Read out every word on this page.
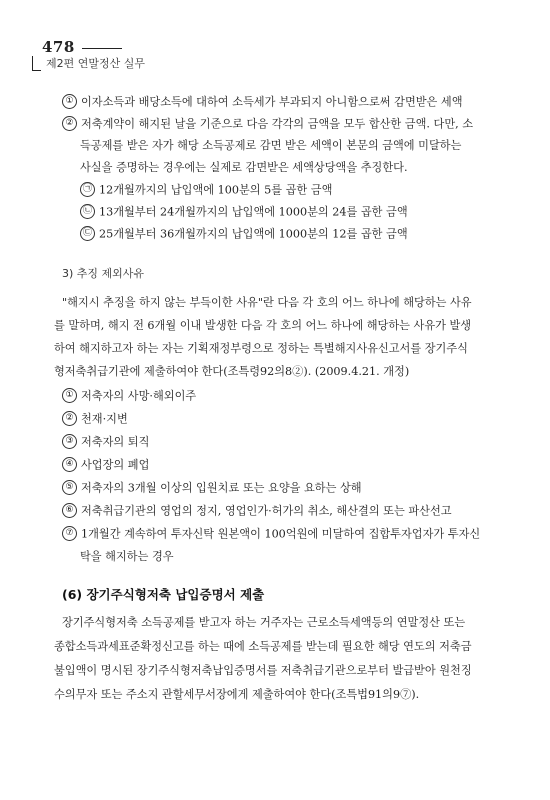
478
제2편 연말정산 실무
① 이자소득과 배당소득에 대하여 소득세가 부과되지 아니함으로써 감면받은 세액
② 저축계약이 해지된 날을 기준으로 다음 각각의 금액을 모두 합산한 금액. 다만, 소
득공제를 받은 자가 해당 소득공제로 감면 받은 세액이 본문의 금액에 미달하는
사실을 증명하는 경우에는 실제로 감면받은 세액상당액을 추징한다.
㉠ 12개월까지의 납입액에 100분의 5를 곱한 금액
㉡ 13개월부터 24개월까지의 납입액에 1000분의 24를 곱한 금액
㉢ 25개월부터 36개월까지의 납입액에 1000분의 12를 곱한 금액
3) 추징 제외사유
"해지시 추징을 하지 않는 부득이한 사유"란 다음 각 호의 어느 하나에 해당하는 사유
를 말하며, 해지 전 6개월 이내 발생한 다음 각 호의 어느 하나에 해당하는 사유가 발생
하여 해지하고자 하는 자는 기획재정부령으로 정하는 특별해지사유신고서를 장기주식
형저축취급기관에 제출하여야 한다(조특령92의8②). (2009.4.21. 개정)
① 저축자의 사망·해외이주
② 천재·지변
③ 저축자의 퇴직
④ 사업장의 폐업
⑤ 저축자의 3개월 이상의 입원치료 또는 요양을 요하는 상해
⑥ 저축취급기관의 영업의 정지, 영업인가·허가의 취소, 해산결의 또는 파산선고
⑦ 1개월간 계속하여 투자신탁 원본액이 100억원에 미달하여 집합투자업자가 투자신
탁을 해지하는 경우
(6) 장기주식형저축 납입증명서 제출
장기주식형저축 소득공제를 받고자 하는 거주자는 근로소득세액등의 연말정산 또는
종합소득과세표준확정신고를 하는 때에 소득공제를 받는데 필요한 해당 연도의 저축금
불입액이 명시된 장기주식형저축납입증명서를 저축취급기관으로부터 발급받아 원천징
수의무자 또는 주소지 관할세무서장에게 제출하여야 한다(조특법91의9⑦).
